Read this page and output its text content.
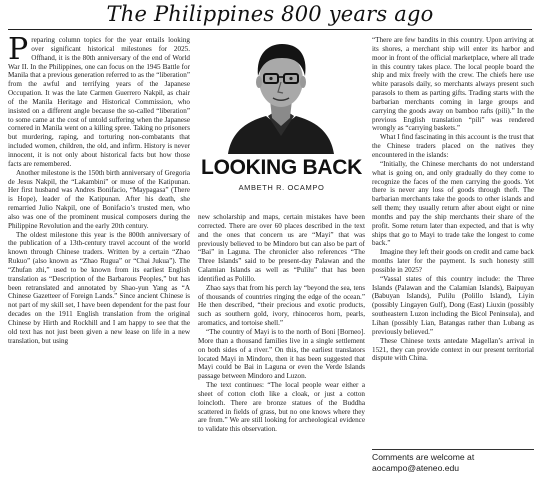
The Philippines 800 years ago

Preparing column topics for the year entails looking over significant historical milestones for 2025. Offhand, it is the 80th anniversary of the end of World War II. In the Philippines, one can focus on the 1945 Battle for Manila that a previous generation referred to as the “liberation” from the awful and terrifying years of the Japanese Occupation. It was the late Carmen Guerrero Nakpil, as chair of the Manila Heritage and Historical Commission, who insisted on a different angle because the so-called “liberation” to some came at the cost of untold suffering when the Japanese cornered in Manila went on a killing spree. Taking no prisoners but murdering, raping, and torturing non-combatants that included women, children, the old, and infirm. History is never innocent, it is not only about historical facts but how those facts are remembered.

Another milestone is the 150th birth anniversary of Gregoria de Jesus Nakpil, the “Lakambini” or muse of the Katipunan. Her first husband was Andres Bonifacio, “Maypagasa” (There is Hope), leader of the Katipunan. After his death, she remarried Julio Nakpil, one of Bonifacio’s trusted men, who also was one of the prominent musical composers during the Philippine Revolution and the early 20th century.

The oldest milestone this year is the 800th anniversary of the publication of a 13th-century travel account of the world known through Chinese traders. Written by a certain “Zhao Rukuo” (also known as “Zhao Rugua” or “Chai Jukua”). The “Zhufan zhi,” used to be known from its earliest English translation as “Description of the Barbarous Peoples,” but has been retranslated and annotated by Shao-yun Yang as “A Chinese Gazetteer of Foreign Lands.” Since ancient Chinese is not part of my skill set, I have been dependent for the past four decades on the 1911 English translation from the original Chinese by Hirth and Rockhill and I am happy to see that the old text has not just been given a new lease on life in a new translation, but using

LOOKING BACK
AMBETH R. OCAMPO

new scholarship and maps, certain mistakes have been corrected. There are over 60 places described in the text and the ones that concern us are “Mayi” that was previously believed to be Mindoro but can also be part of “Bai” in Laguna. The chronicler also references “The Three Islands” said to be present-day Palawan and the Calamian Islands as well as “Pulilu” that has been identified as Polillo.

Zhao says that from his perch lay “beyond the sea, tens of thousands of countries ringing the edge of the ocean.” He then described, “their precious and exotic products, such as southern gold, ivory, rhinoceros horn, pearls, aromatics, and tortoise shell.”

“The country of Mayi is to the north of Boni [Borneo]. More than a thousand families live in a single settlement on both sides of a river.” On this, the earliest translators located Mayi in Mindoro, then it has been suggested that Mayi could be Bai in Laguna or even the Verde Islands passage between Mindoro and Luzon.

The text continues: “The local people wear either a sheet of cotton cloth like a cloak, or just a cotton loincloth. There are bronze statues of the Buddha scattered in fields of grass, but no one knows where they are from.” We are still looking for archeological evidence to validate this observation.

“There are few bandits in this country. Upon arriving at its shores, a merchant ship will enter its harbor and moor in front of the official marketplace, where all trade in this country takes place. The local people board the ship and mix freely with the crew. The chiefs here use white parasols daily, so merchants always present such parasols to them as parting gifts. Trading starts with the barbarian merchants coming in large groups and carrying the goods away on bamboo rafts (pili).” In the previous English translation “pili” was rendered wrongly as “carrying baskets.”

What I find fascinating in this account is the trust that the Chinese traders placed on the natives they encountered in the islands:

“Initially, the Chinese merchants do not understand what is going on, and only gradually do they come to recognize the faces of the men carrying the goods. Yet there is never any loss of goods through theft. The barbarian merchants take the goods to other islands and sell them; they usually return after about eight or nine months and pay the ship merchants their share of the profit. Some return later than expected, and that is why ships that go to Mayi to trade take the longest to come back.”

Imagine they left their goods on credit and came back months later for the payment. Is such honesty still possible in 2025?

“Vassal states of this country include: the Three Islands (Palawan and the Calamian Islands), Baipuyan (Babuyan Islands), Pulilu (Polillo Island), Liyin (possibly Lingayen Gulf), Dong (East) Liuxin (possibly southeastern Luzon including the Bicol Peninsula), and Lihan (possibly Lian, Batangas rather than Lubang as previously believed.”

These Chinese texts antedate Magellan’s arrival in 1521, they can provide context in our present territorial dispute with China.

Comments are welcome at aocampo@ateneo.edu
